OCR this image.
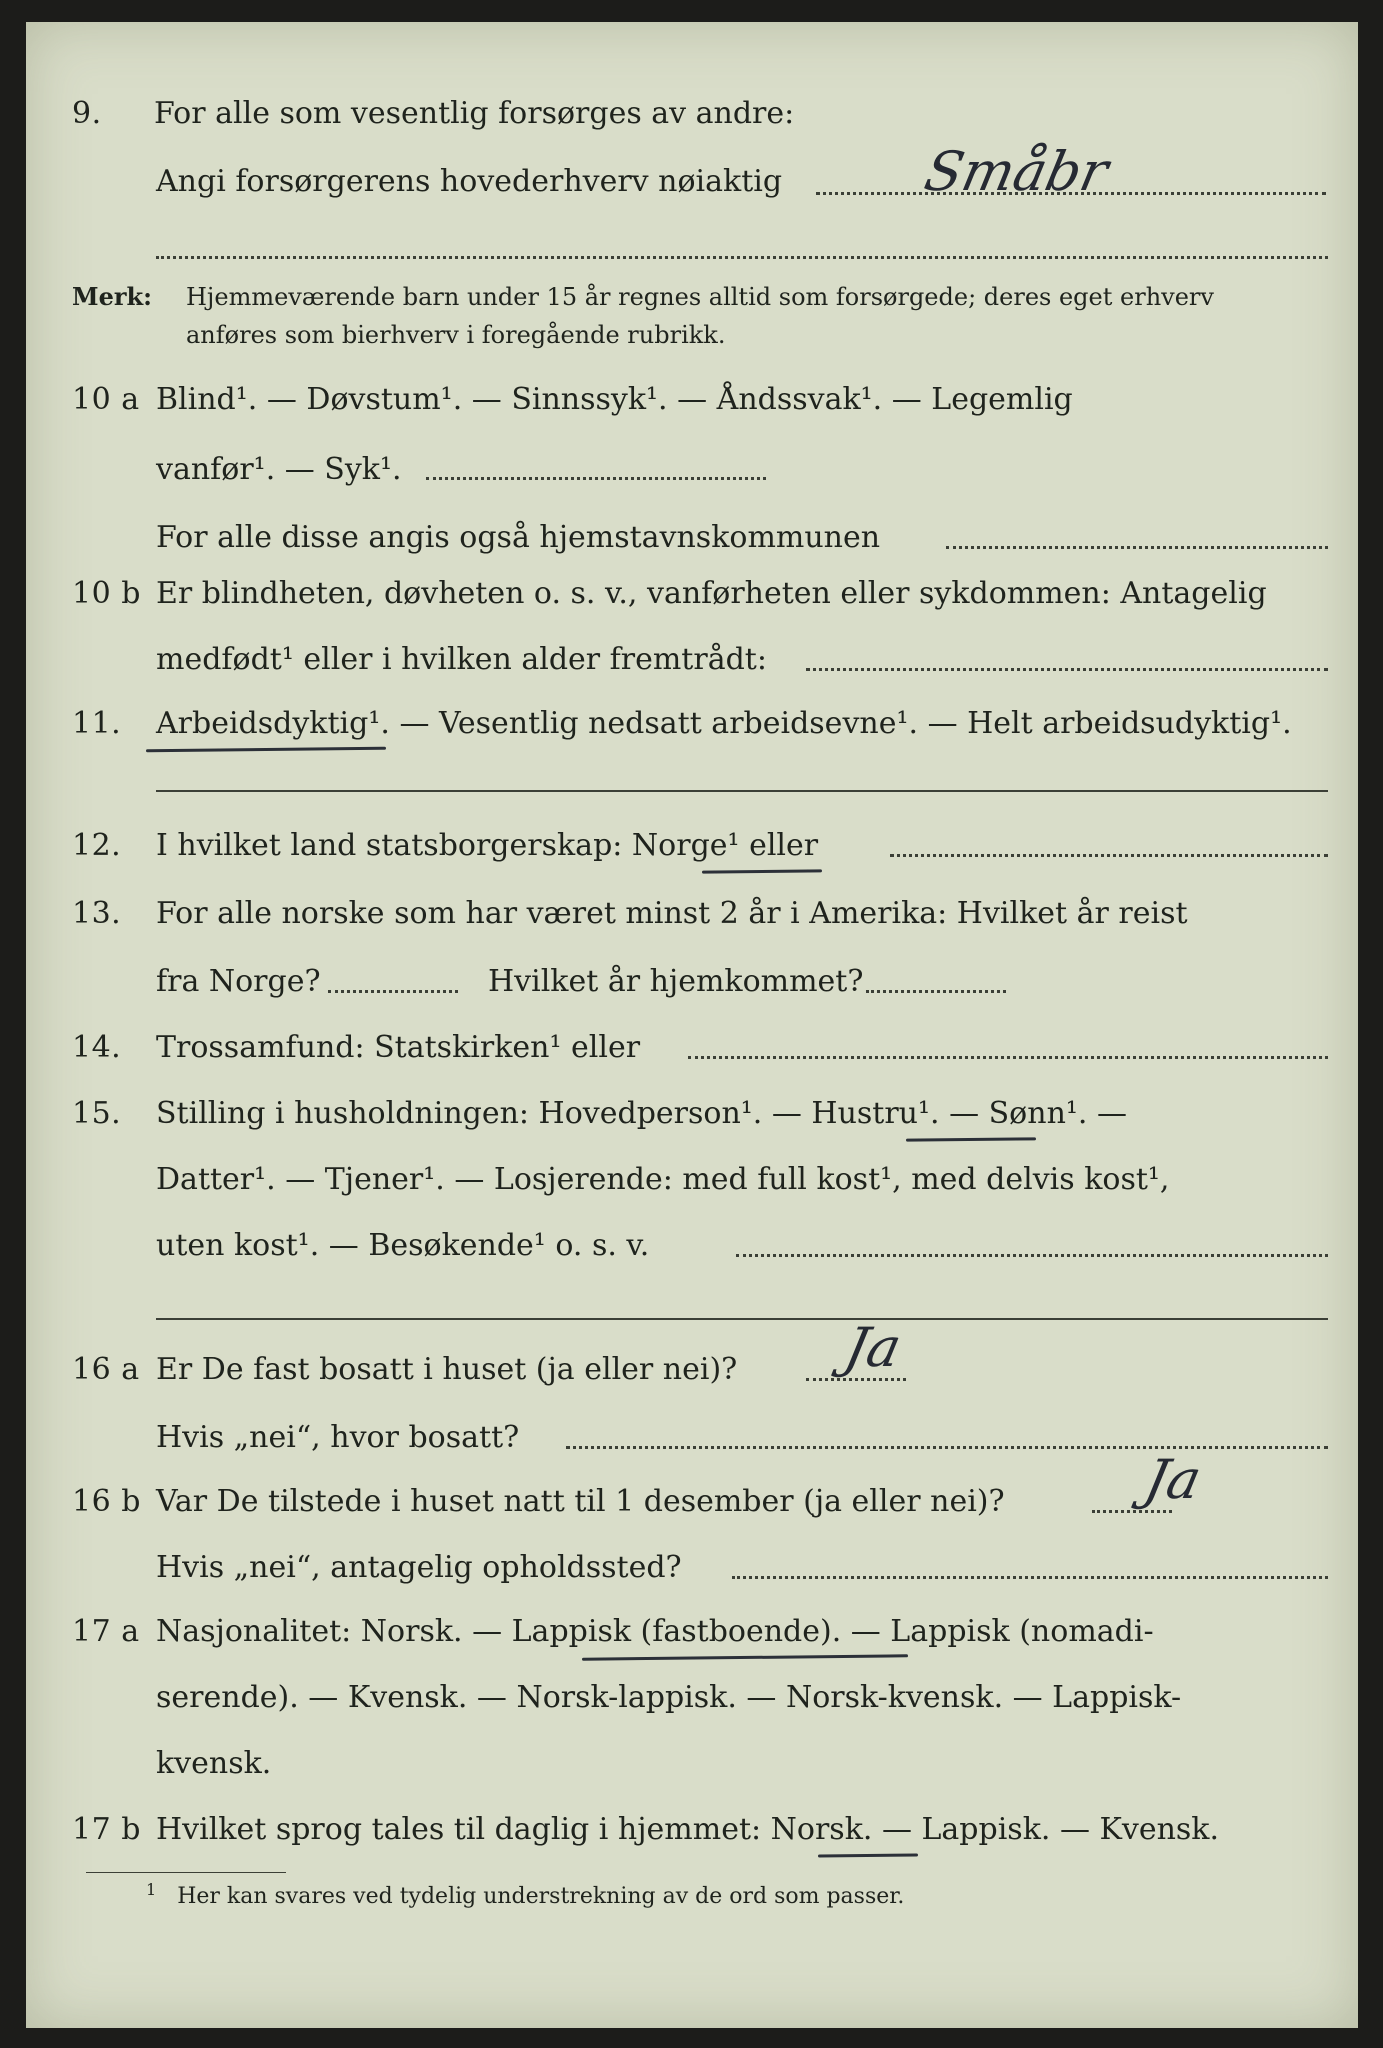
9. For alle som vesentlig forsørges av andre:
Angi forsørgerens hovederhverv nøiaktig	Småbr
Merk: Hjemmeværende barn under 15 år regnes alltid som forsørgede; deres eget erhverv
anføres som bierhverv i foregående rubrikk.
10 a Blind¹. — Døvstum¹. — Sinnssyk¹. — Åndssvak¹. — Legemlig
vanfør¹. — Syk¹.
For alle disse angis også hjemstavnskommunen
10 b Er blindheten, døvheten o. s. v., vanførheten eller sykdommen: Antagelig
medfødt¹ eller i hvilken alder fremtrådt:
11. Arbeidsdyktig¹. — Vesentlig nedsatt arbeidsevne¹. — Helt arbeidsudyktig¹.
12. I hvilket land statsborgerskap: Norge¹ eller
13. For alle norske som har været minst 2 år i Amerika: Hvilket år reist
fra Norge?	Hvilket år hjemkommet?
14. Trossamfund: Statskirken¹ eller
15. Stilling i husholdningen: Hovedperson¹. — Hustru¹. — Sønn¹. —
Datter¹. — Tjener¹. — Losjerende: med full kost¹, med delvis kost¹,
uten kost¹. — Besøkende¹ o. s. v.
16 a Er De fast bosatt i huset (ja eller nei)? Ja
Hvis „nei“, hvor bosatt?
16 b Var De tilstede i huset natt til 1 desember (ja eller nei)? Ja
Hvis „nei“, antagelig opholdssted?
17 a Nasjonalitet: Norsk. — Lappisk (fastboende). — Lappisk (nomadi-
serende). — Kvensk. — Norsk-lappisk. — Norsk-kvensk. — Lappisk-
kvensk.
17 b Hvilket sprog tales til daglig i hjemmet: Norsk. — Lappisk. — Kvensk.
$^1$ Her kan svares ved tydelig understrekning av de ord som passer.
